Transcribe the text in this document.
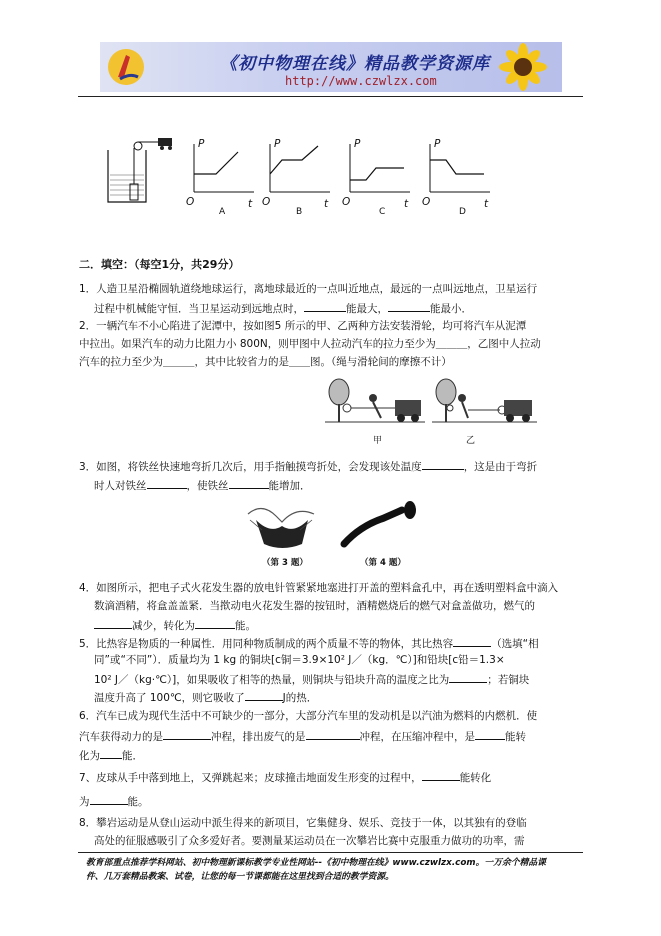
《初中物理在线》精品教学资源库
http://www.czwlzx.com
P
O	t
A
P
O	t
B
P
O	t
C
P
O	t
D
二．填空：（每空1分，共29分）
1．人造卫星沿椭圆轨道绕地球运行，离地球最近的一点叫近地点，最远的一点叫远地点，卫星运行
过程中机械能守恒．当卫星运动到远地点时，	能最大，	能最小．
2．一辆汽车不小心陷进了泥潭中，按如图5 所示的甲、乙两种方法安装滑轮，均可将汽车从泥潭
中拉出。如果汽车的动力比阻力小 800N，则甲图中人拉动汽车的拉力至少为＿＿＿，乙图中人拉动
汽车的拉力至少为＿＿＿，其中比较省力的是＿＿图。（绳与滑轮间的摩擦不计）
甲	乙
3．如图，将铁丝快速地弯折几次后，用手指触摸弯折处，会发现该处温度	，这是由于弯折
时人对铁丝	，使铁丝	能增加．
（第 3 题）	（第 4 题）
4．如图所示，把电子式火花发生器的放电针管紧紧地塞进打开盖的塑料盒孔中，再在透明塑料盒中滴入
数滴酒精，将盒盖盖紧．当揿动电火花发生器的按钮时，酒精燃烧后的燃气对盒盖做功，燃气的
减少，转化为	能。
5．比热容是物质的一种属性．用同种物质制成的两个质量不等的物体，其比热容	（选填“相
同”或“不同”）．质量均为 1 kg 的铜块[c铜＝3.9×10² J／（kg．℃）]和铅块[c铅＝1.3×
10² J／（kg·℃）]，如果吸收了相等的热量，则铜块与铅块升高的温度之比为	；若铜块
温度升高了 100℃，则它吸收了	J的热．
6．汽车已成为现代生活中不可缺少的一部分，大部分汽车里的发动机是以汽油为燃料的内燃机．使
汽车获得动力的是	冲程，排出废气的是	冲程，在压缩冲程中，是	能转
化为 能．
7、皮球从手中落到地上，又弹跳起来；皮球撞击地面发生形变的过程中，	能转化
为	能。
8．攀岩运动是从登山运动中派生得来的新项目，它集健身、娱乐、竞技于一体，以其独有的登临
高处的征服感吸引了众多爱好者。要测量某运动员在一次攀岩比赛中克服重力做功的功率，需
教育部重点推荐学科网站、初中物理新课标教学专业性网站--《初中物理在线》www.czwlzx.com。一万余个精品课
件、几万套精品教案、试卷，让您的每一节课都能在这里找到合适的教学资源。
